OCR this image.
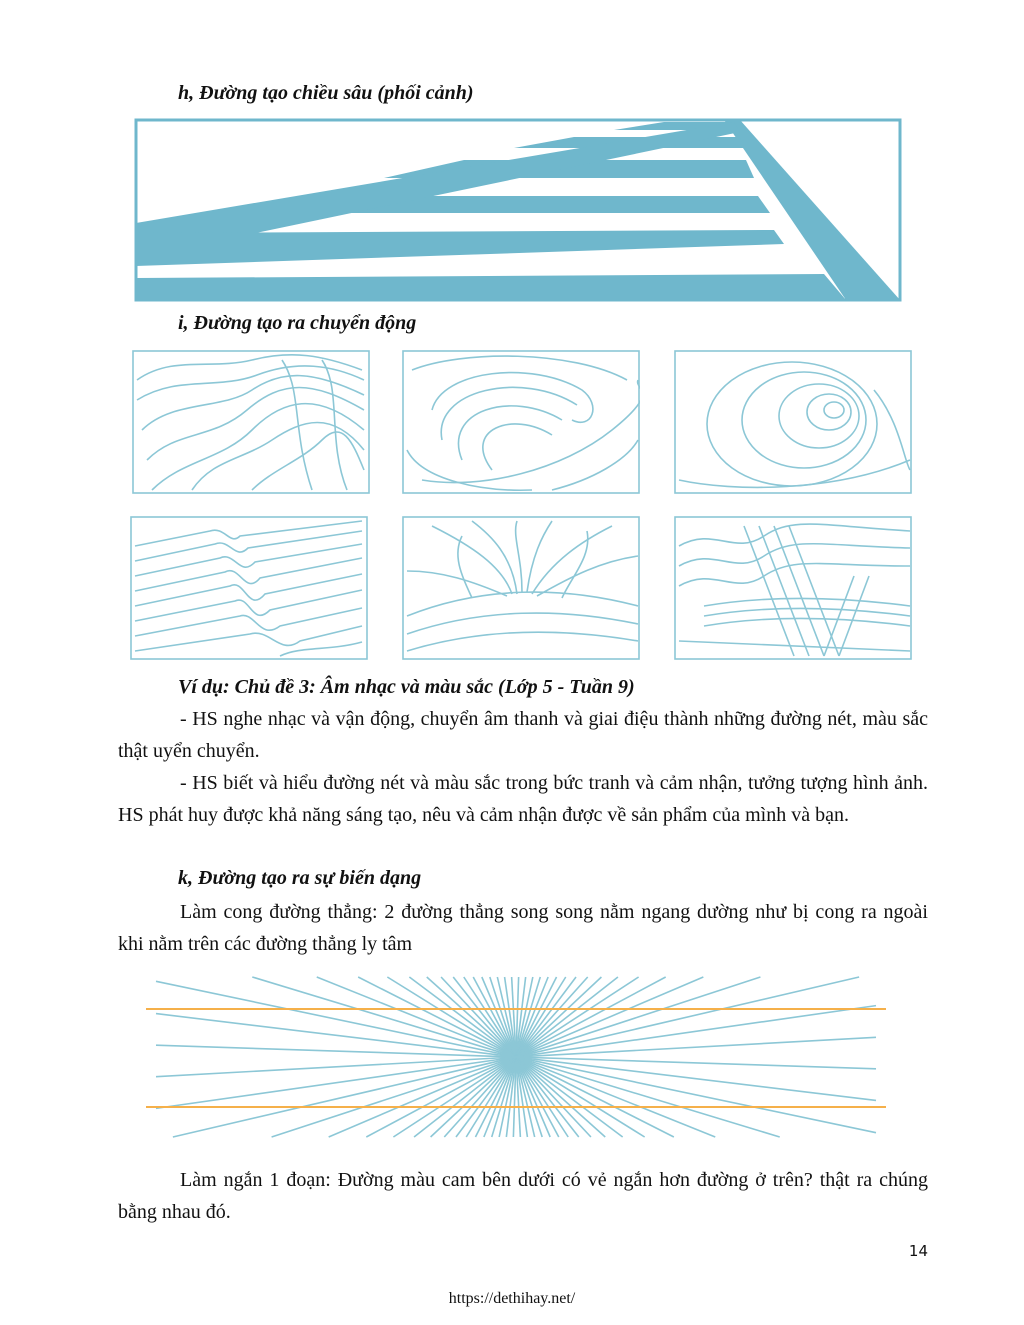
h, Đường tạo chiều sâu (phối cảnh)
i, Đường tạo ra chuyển động
Ví dụ: Chủ đề 3: Âm nhạc và màu sắc (Lớp 5 - Tuần 9)

- HS nghe nhạc và vận động, chuyển âm thanh và giai điệu thành những đường nét, màu sắc thật uyển chuyển.

- HS biết và hiểu đường nét và màu sắc trong bức tranh và cảm nhận, tưởng tượng hình ảnh. HS phát huy được khả năng sáng tạo, nêu và cảm nhận được về sản phẩm của mình và bạn.

k, Đường tạo ra sự biến dạng

Làm cong đường thẳng: 2 đường thẳng song song nằm ngang dường như bị cong ra ngoài khi nằm trên các đường thẳng ly tâm

Làm ngắn 1 đoạn: Đường màu cam bên dưới có vẻ ngắn hơn đường ở trên? thật ra chúng bằng nhau đó.

14
https://dethihay.net/
